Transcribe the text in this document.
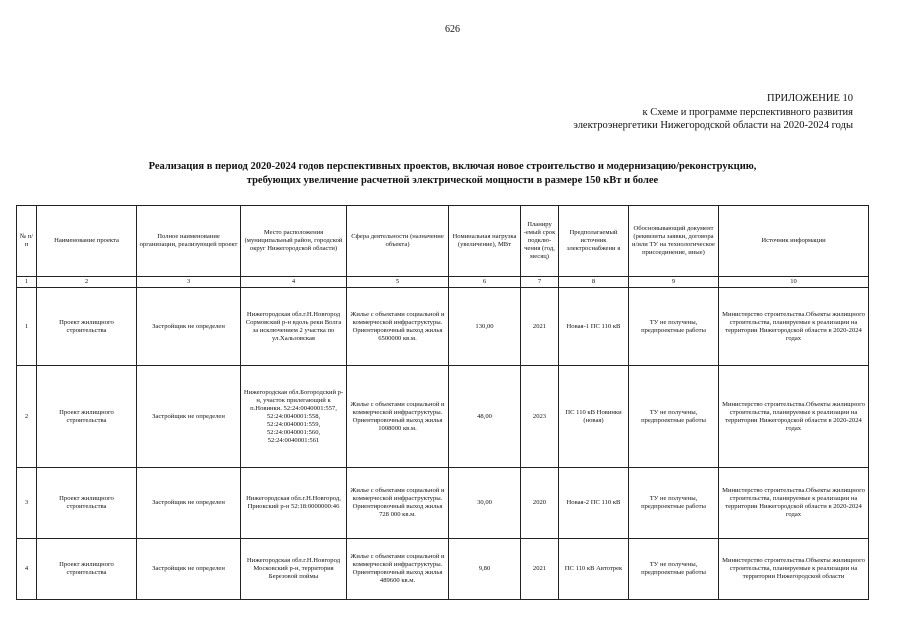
626
ПРИЛОЖЕНИЕ 10
к Схеме и программе перспективного развития
электроэнергетики Нижегородской области на 2020-2024 годы
Реализация в период 2020-2024 годов перспективных проектов, включая новое строительство и модернизацию/реконструкцию,
требующих увеличение расчетной электрической мощности в размере 150 кВт и более
№ п/ п	Наименование проекта	Полное наименование организации, реализующей проект	Место расположения (муниципальный район, городской округ Нижегородской области)	Сфера деятельности (назначение объекта)	Номинальная нагрузка (увеличение), МВт	Планиру -емый срок подклю- чения (год, месяц)	Предполагаемый источник электроснабжени я	Обосновывающий документ (реквизиты заявки, договора и/или ТУ на технологическое присоединение, иные)	Источник информации
1	2	3	4	5	6	7	8	9	10
1	Проект жилищного строительства	Застройщик не определен	Нижегородская обл.г.Н.Новгород Сормовский р-н вдоль реки Волга за исключением 2 участка по ул.Хальзовская	Жилье с объектами социальной и коммерческой инфраструктуры. Ориентировочный выход жилья 6500000 кв.м.	130,00	2021	Новая-1 ПС 110 кВ	ТУ не получены, предпроектные работы	Министерство строительства.Объекты жилищного строительства, планируемые к реализации на территории Нижегородской области в 2020-2024 годах
2	Проект жилищного строительства	Застройщик не определен	Нижегородская обл.Богородский р-н, участок прилегающий к п.Новинки. 52:24:0040001:557, 52:24:0040001:558, 52:24:0040001:559, 52:24:0040001:560, 52:24:0040001:561	Жилье с объектами социальной и коммерческой инфраструктуры. Ориентировочный выход жилья 1008000 кв.м.	48,00	2023	ПС 110 кВ Новинки (новая)	ТУ не получены, предпроектные работы	Министерство строительства.Объекты жилищного строительства, планируемые к реализации на территории Нижегородской области в 2020-2024 годах
3	Проект жилищного строительства	Застройщик не определен	Нижегородская обл.г.Н.Новгород, Приокский р-н 52:18:0000000:46	Жилье с объектами социальной и коммерческой инфраструктуры. Ориентировочный выход жилья 728 000 кв.м.	30,00	2020	Новая-2 ПС 110 кВ	ТУ не получены, предпроектные работы	Министерство строительства.Объекты жилищного строительства, планируемые к реализации на территории Нижегородской области в 2020-2024 годах
4	Проект жилищного строительства	Застройщик не определен	Нижегородская обл.г.Н.Новгород Московский р-н, территория Березовой поймы	Жилье с объектами социальной и коммерческой инфраструктуры. Ориентировочный выход жилья 489600 кв.м.	9,80	2021	ПС 110 кВ Автотрек	ТУ не получены, предпроектные работы	Министерство строительства.Объекты жилищного строительства, планируемые к реализации на территории Нижегородской области
